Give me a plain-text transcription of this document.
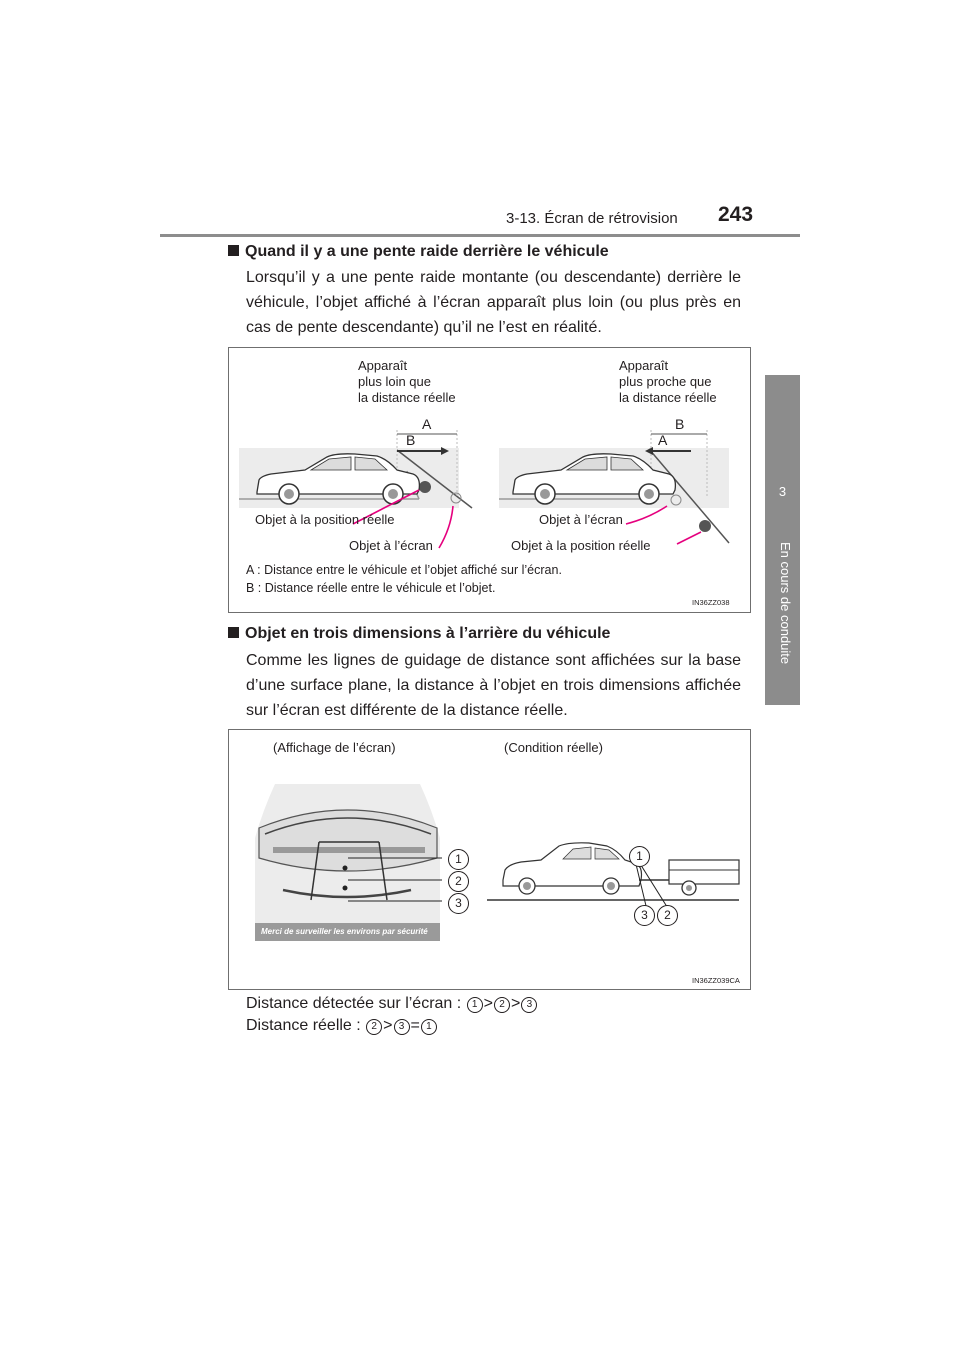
3-13. Écran de rétrovision 243
3
En cours de conduite
Quand il y a une pente raide derrière le véhicule
Lorsqu’il y a une pente raide montante (ou descendante) derrière le véhicule, l’objet affiché à l’écran apparaît plus loin (ou plus près en cas de pente descendante) qu’il ne l’est en réalité.
Apparaît
plus loin que
la distance réelle
Apparaît
plus proche que
la distance réelle
A
B
B
A
Objet à la position réelle
Objet à l’écran
Objet à l’écran
Objet à la position réelle
A : Distance entre le véhicule et l’objet affiché sur l’écran.
B : Distance réelle entre le véhicule et l’objet.
IN36ZZ038
Objet en trois dimensions à l’arrière du véhicule
Comme les lignes de guidage de distance sont affichées sur la base d’une surface plane, la distance à l’objet en trois dimensions affichée sur l’écran est différente de la distance réelle.
(Affichage de l’écran)	(Condition réelle)
Merci de surveiller les environs par sécurité
1
2
3
1
3	2
IN36ZZ039CA
Distance détectée sur l’écran : 1 > 2 > 3
Distance réelle : 2 > 3 = 1
